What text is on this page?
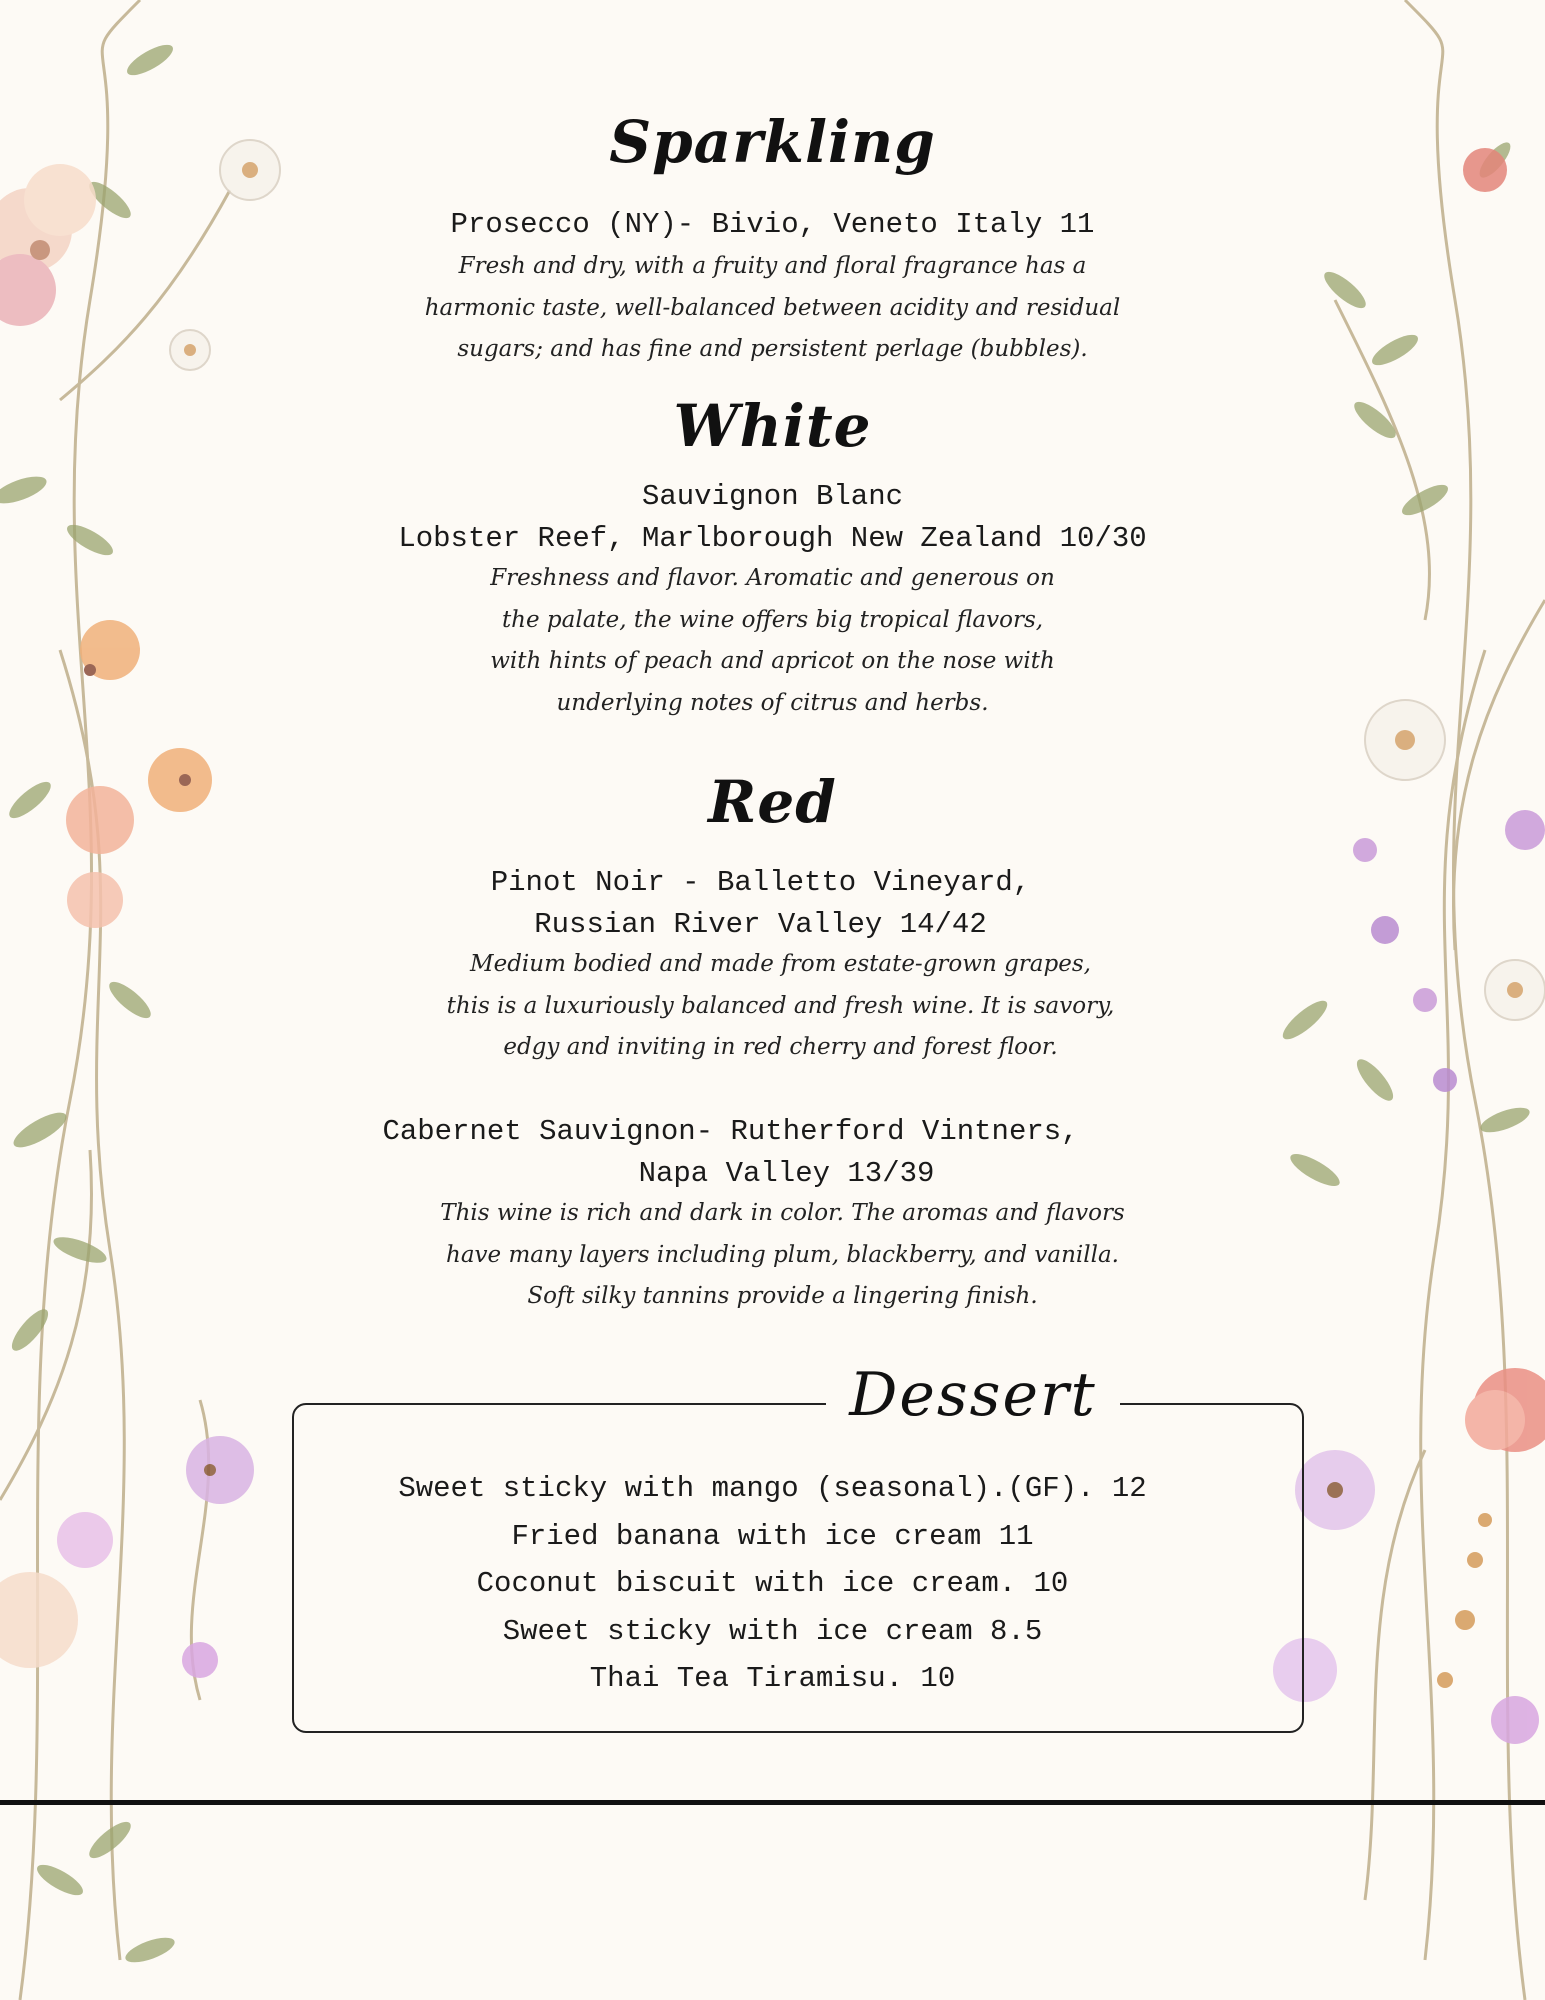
Sparkling
Prosecco (NY)- Bivio, Veneto Italy 11
Fresh and dry, with a fruity and floral fragrance has a
harmonic taste, well-balanced between acidity and residual
sugars; and has fine and persistent perlage (bubbles).
White
Sauvignon Blanc
Lobster Reef, Marlborough New Zealand 10/30
Freshness and flavor. Aromatic and generous on
the palate, the wine offers big tropical flavors,
with hints of peach and apricot on the nose with
underlying notes of citrus and herbs.
Red
Pinot Noir - Balletto Vineyard,
Russian River Valley 14/42
Medium bodied and made from estate-grown grapes,
this is a luxuriously balanced and fresh wine. It is savory,
edgy and inviting in red cherry and forest floor.
Cabernet Sauvignon- Rutherford Vintners,
Napa Valley 13/39
This wine is rich and dark in color. The aromas and flavors
have many layers including plum, blackberry, and vanilla.
Soft silky tannins provide a lingering finish.
Dessert
Sweet sticky with mango (seasonal).(GF). 12
Fried banana with ice cream 11
Coconut biscuit with ice cream. 10
Sweet sticky with ice cream 8.5
Thai Tea Tiramisu. 10
